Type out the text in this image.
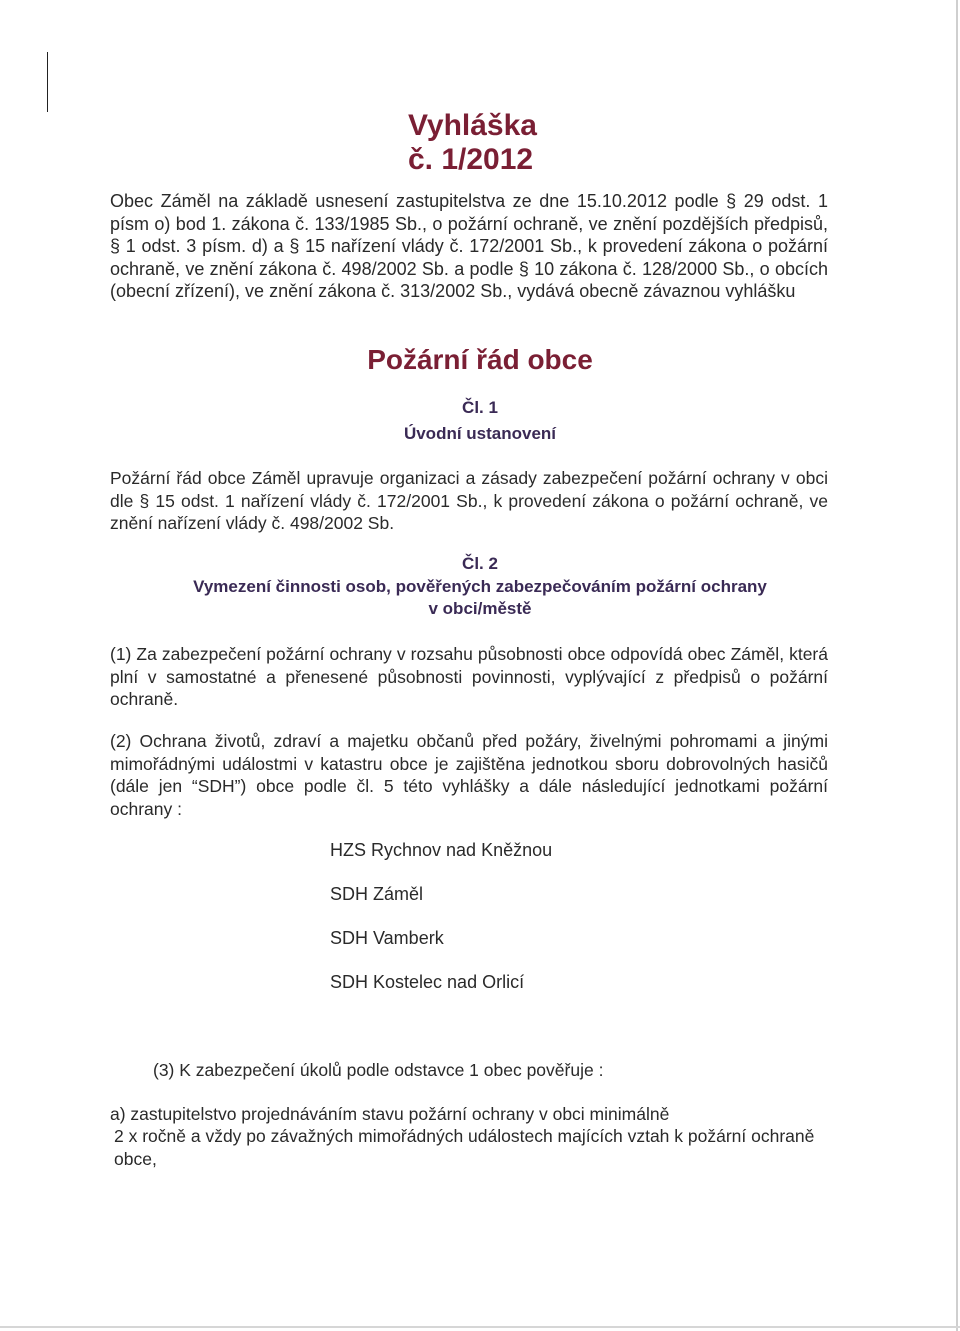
Vyhláška
č. 1/2012
Obec Záměl na základě usnesení zastupitelstva ze dne 15.10.2012 podle § 29 odst. 1 písm o) bod 1. zákona č. 133/1985 Sb., o požární ochraně, ve znění pozdějších předpisů, § 1 odst. 3 písm. d) a § 15 nařízení vlády č. 172/2001 Sb., k provedení zákona o požární ochraně, ve znění zákona č. 498/2002 Sb. a podle § 10 zákona č. 128/2000 Sb., o obcích (obecní zřízení), ve znění zákona č. 313/2002 Sb., vydává obecně závaznou vyhlášku
Požární řád obce
Čl. 1
Úvodní ustanovení
Požární řád obce Záměl upravuje organizaci a zásady zabezpečení požární ochrany v obci dle § 15 odst. 1 nařízení vlády č. 172/2001 Sb., k provedení zákona o požární ochraně, ve znění nařízení vlády č. 498/2002 Sb.
Čl. 2
Vymezení činnosti osob, pověřených zabezpečováním požární ochrany
v obci/městě
(1) Za zabezpečení požární ochrany v rozsahu působnosti obce odpovídá obec Záměl, která plní v samostatné a přenesené působnosti povinnosti, vyplývající z předpisů o požární ochraně.
(2) Ochrana životů, zdraví a majetku občanů před požáry, živelnými pohromami a jinými mimořádnými událostmi v katastru obce je zajištěna jednotkou sboru dobrovolných hasičů (dále jen “SDH”) obce podle čl. 5 této vyhlášky a dále následující jednotkami požární ochrany :
HZS Rychnov nad Kněžnou
SDH Záměl
SDH Vamberk
SDH Kostelec nad Orlicí
(3) K zabezpečení úkolů podle odstavce 1 obec pověřuje :
a) zastupitelstvo projednáváním stavu požární ochrany v obci minimálně
2 x ročně a vždy po závažných mimořádných událostech majících vztah k požární ochraně obce,
